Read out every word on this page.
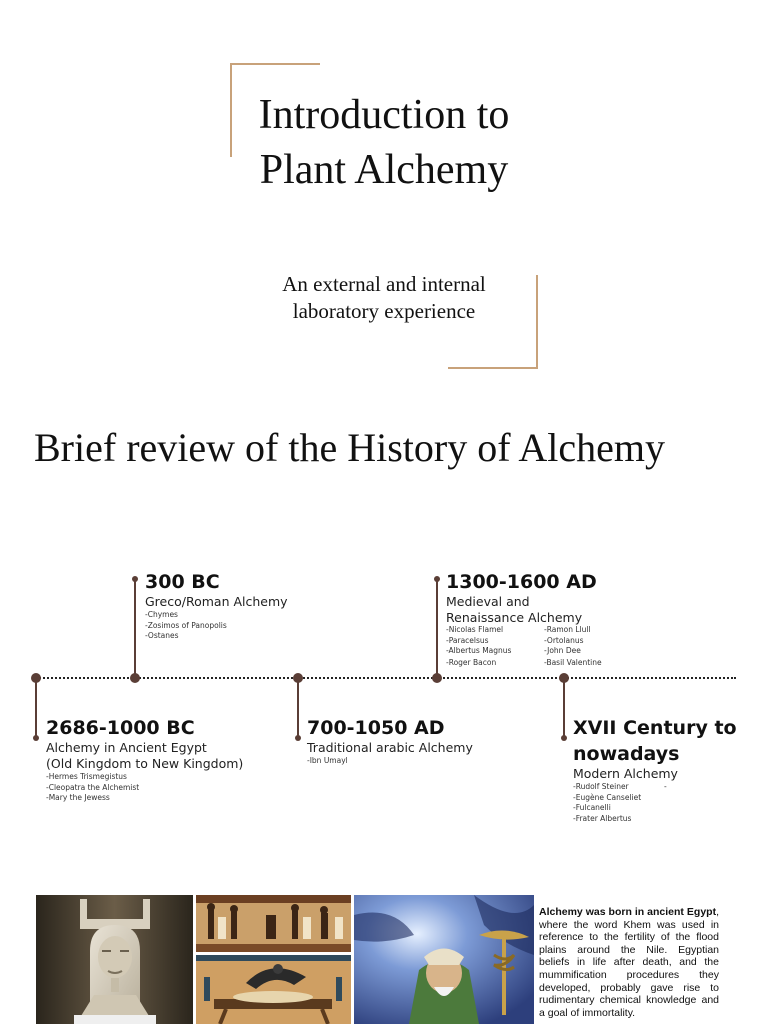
Introduction to Plant Alchemy
An external and internal laboratory experience
Brief review of the History of Alchemy
300 BC
Greco/Roman Alchemy
-Chymes
-Zosimos of Panopolis
-Ostanes
1300-1600 AD
Medieval and Renaissance Alchemy
-Nicolas Flamel
-Paracelsus
-Albertus Magnus
-Roger Bacon
-Ramon Llull
-Ortolanus
-John Dee
-Basil Valentine
2686-1000 BC
Alchemy in Ancient Egypt
(Old Kingdom to New Kingdom)
-Hermes Trismegistus
-Cleopatra the Alchemist
-Mary the Jewess
700-1050 AD
Traditional arabic Alchemy
-Ibn Umayl
XVII Century to
nowadays
Modern Alchemy
-Rudolf Steiner
-Eugène Canseliet
-Fulcanelli
-Frater Albertus
-
Alchemy was born in ancient Egypt, where the word Khem was used in reference to the fertility of the flood plains around the Nile. Egyptian beliefs in life after death, and the mummification procedures they developed, probably gave rise to rudimentary chemical knowledge and a goal of immortality.
